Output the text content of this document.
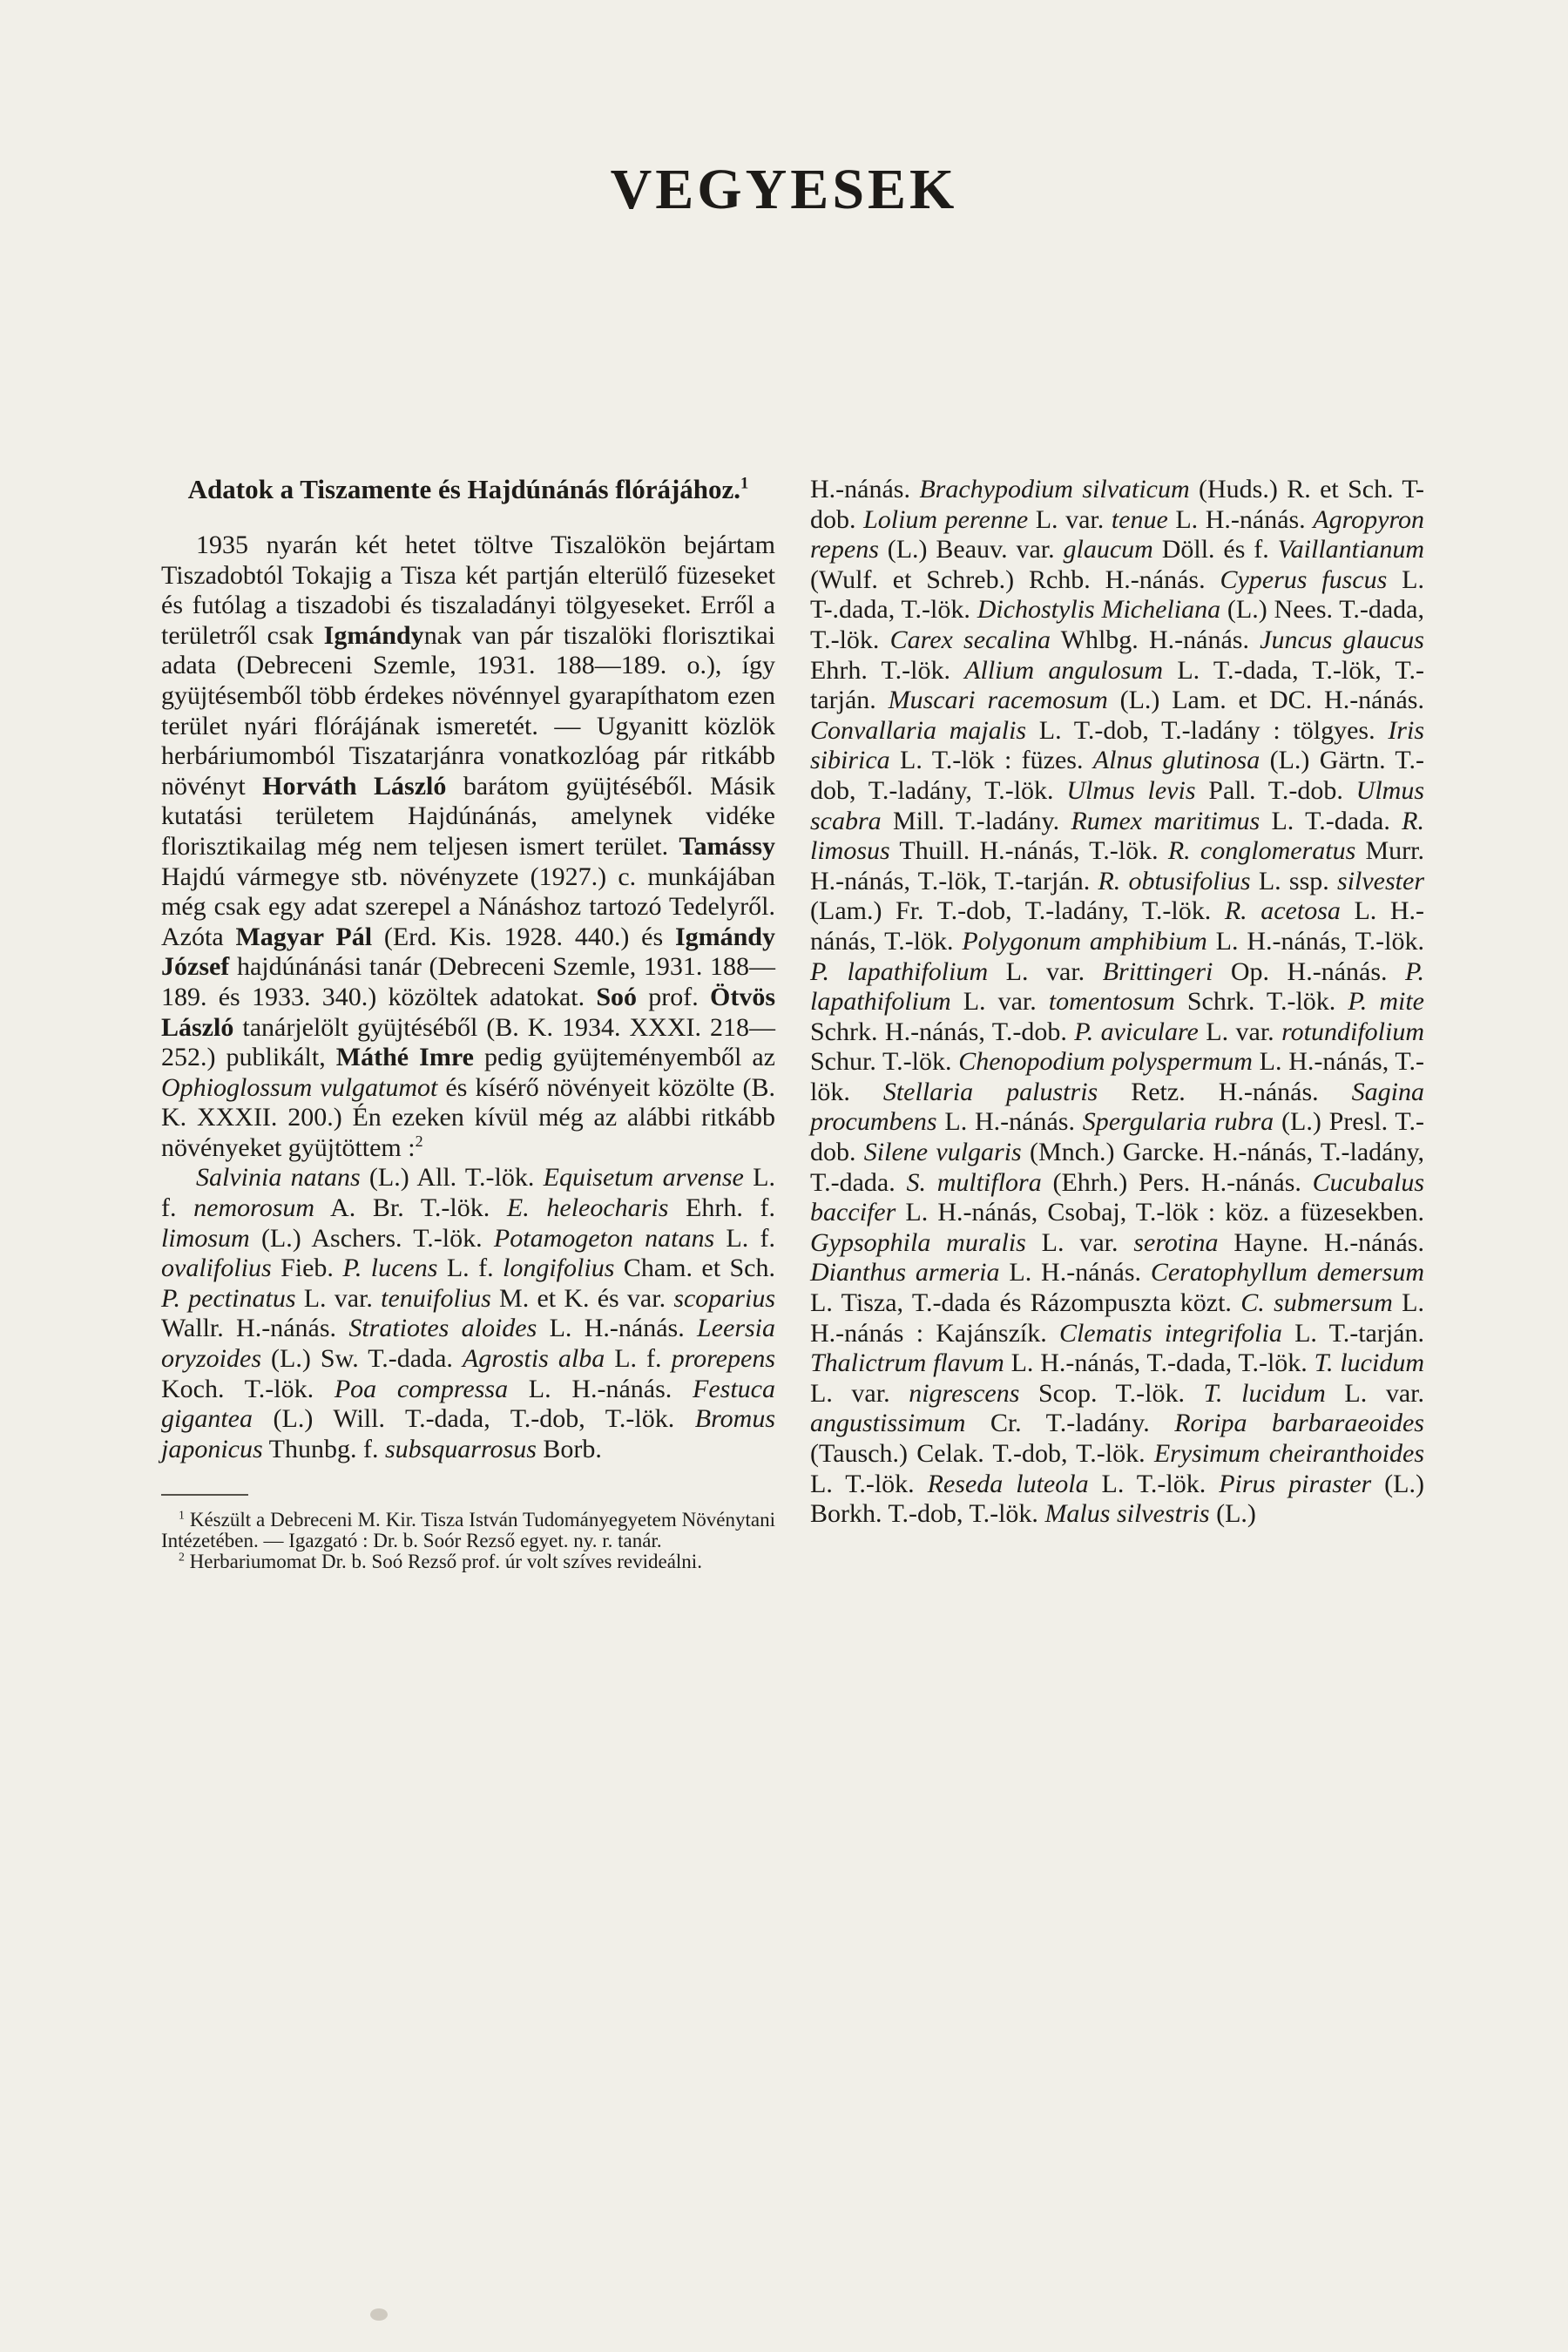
VEGYESEK
Adatok a Tiszamente és Hajdúnánás flórájához.$^1$

1935 nyarán két hetet töltve Tiszalökön bejártam Tiszadobtól Tokajig a Tisza két partján elterülő füzeseket és futólag a tiszadobi és tiszaladányi tölgyeseket. Erről a területről csak Igmándynak van pár tiszalöki florisztikai adata (Debreceni Szemle, 1931. 188—189. o.), így gyüjtésemből több érdekes növénnyel gyarapíthatom ezen terület nyári flórájának ismeretét. — Ugyanitt közlök herbáriumomból Tiszatarjánra vonatkozlóag pár ritkább növényt Horváth László barátom gyüjtéséből. Másik kutatási területem Hajdúnánás, amelynek vidéke florisztikailag még nem teljesen ismert terület. Tamássy Hajdú vármegye stb. növényzete (1927.) c. munkájában még csak egy adat szerepel a Nánáshoz tartozó Tedelyről. Azóta Magyar Pál (Erd. Kis. 1928. 440.) és Igmándy József hajdúnánási tanár (Debreceni Szemle, 1931. 188—189. és 1933. 340.) közöltek adatokat. Soó prof. Ötvös László tanárjelölt gyüjtéséből (B. K. 1934. XXXI. 218—252.) publikált, Máthé Imre pedig gyüjteményemből az Ophioglossum vulgatumot és kísérő növényeit közölte (B. K. XXXII. 200.) Én ezeken kívül még az alábbi ritkább növényeket gyüjtöttem :$^2$

Salvinia natans (L.) All. T.-lök. Equisetum arvense L. f. nemorosum A. Br. T.-lök. E. heleocharis Ehrh. f. limosum (L.) Aschers. T.-lök. Potamogeton natans L. f. ovalifolius Fieb. P. lucens L. f. longifolius Cham. et Sch. P. pectinatus L. var. tenuifolius M. et K. és var. scoparius Wallr. H.-nánás. Stratiotes aloides L. H.-nánás. Leersia oryzoides (L.) Sw. T.-dada. Agrostis alba L. f. prorepens Koch. T.-lök. Poa compressa L. H.-nánás. Festuca gigantea (L.) Will. T.-dada, T.-dob, T.-lök. Bromus japonicus Thunbg. f. subsquarrosus Borb.

$^1$ Készült a Debreceni M. Kir. Tisza István Tudományegyetem Növénytani Intézetében. — Igazgató : Dr. b. Soór Rezső egyet. ny. r. tanár.

$^2$ Herbariumomat Dr. b. Soó Rezső prof. úr volt szíves revideálni.

H.-nánás. Brachypodium silvaticum (Huds.) R. et Sch. T-dob. Lolium perenne L. var. tenue L. H.-nánás. Agropyron repens (L.) Beauv. var. glaucum Döll. és f. Vaillantianum (Wulf. et Schreb.) Rchb. H.-nánás. Cyperus fuscus L. T-.dada, T.-lök. Dichostylis Micheliana (L.) Nees. T.-dada, T.-lök. Carex secalina Whlbg. H.-nánás. Juncus glaucus Ehrh. T.-lök. Allium angulosum L. T.-dada, T.-lök, T.-tarján. Muscari racemosum (L.) Lam. et DC. H.-nánás. Convallaria majalis L. T.-dob, T.-ladány : tölgyes. Iris sibirica L. T.-lök : füzes. Alnus glutinosa (L.) Gärtn. T.-dob, T.-ladány, T.-lök. Ulmus levis Pall. T.-dob. Ulmus scabra Mill. T.-ladány. Rumex maritimus L. T.-dada. R. limosus Thuill. H.-nánás, T.-lök. R. conglomeratus Murr. H.-nánás, T.-lök, T.-tarján. R. obtusifolius L. ssp. silvester (Lam.) Fr. T.-dob, T.-ladány, T.-lök. R. acetosa L. H.-nánás, T.-lök. Polygonum amphibium L. H.-nánás, T.-lök. P. lapathifolium L. var. Brittingeri Op. H.-nánás. P. lapathifolium L. var. tomentosum Schrk. T.-lök. P. mite Schrk. H.-nánás, T.-dob. P. aviculare L. var. rotundifolium Schur. T.-lök. Chenopodium polyspermum L. H.-nánás, T.-lök. Stellaria palustris Retz. H.-nánás. Sagina procumbens L. H.-nánás. Spergularia rubra (L.) Presl. T.-dob. Silene vulgaris (Mnch.) Garcke. H.-nánás, T.-ladány, T.-dada. S. multiflora (Ehrh.) Pers. H.-nánás. Cucubalus baccifer L. H.-nánás, Csobaj, T.-lök : köz. a füzesekben. Gypsophila muralis L. var. serotina Hayne. H.-nánás. Dianthus armeria L. H.-nánás. Ceratophyllum demersum L. Tisza, T.-dada és Rázompuszta közt. C. submersum L. H.-nánás : Kajánszík. Clematis integrifolia L. T.-tarján. Thalictrum flavum L. H.-nánás, T.-dada, T.-lök. T. lucidum L. var. nigrescens Scop. T.-lök. T. lucidum L. var. angustissimum Cr. T.-ladány. Roripa barbaraeoides (Tausch.) Celak. T.-dob, T.-lök. Erysimum cheiranthoides L. T.-lök. Reseda luteola L. T.-lök. Pirus piraster (L.) Borkh. T.-dob, T.-lök. Malus silvestris (L.)
